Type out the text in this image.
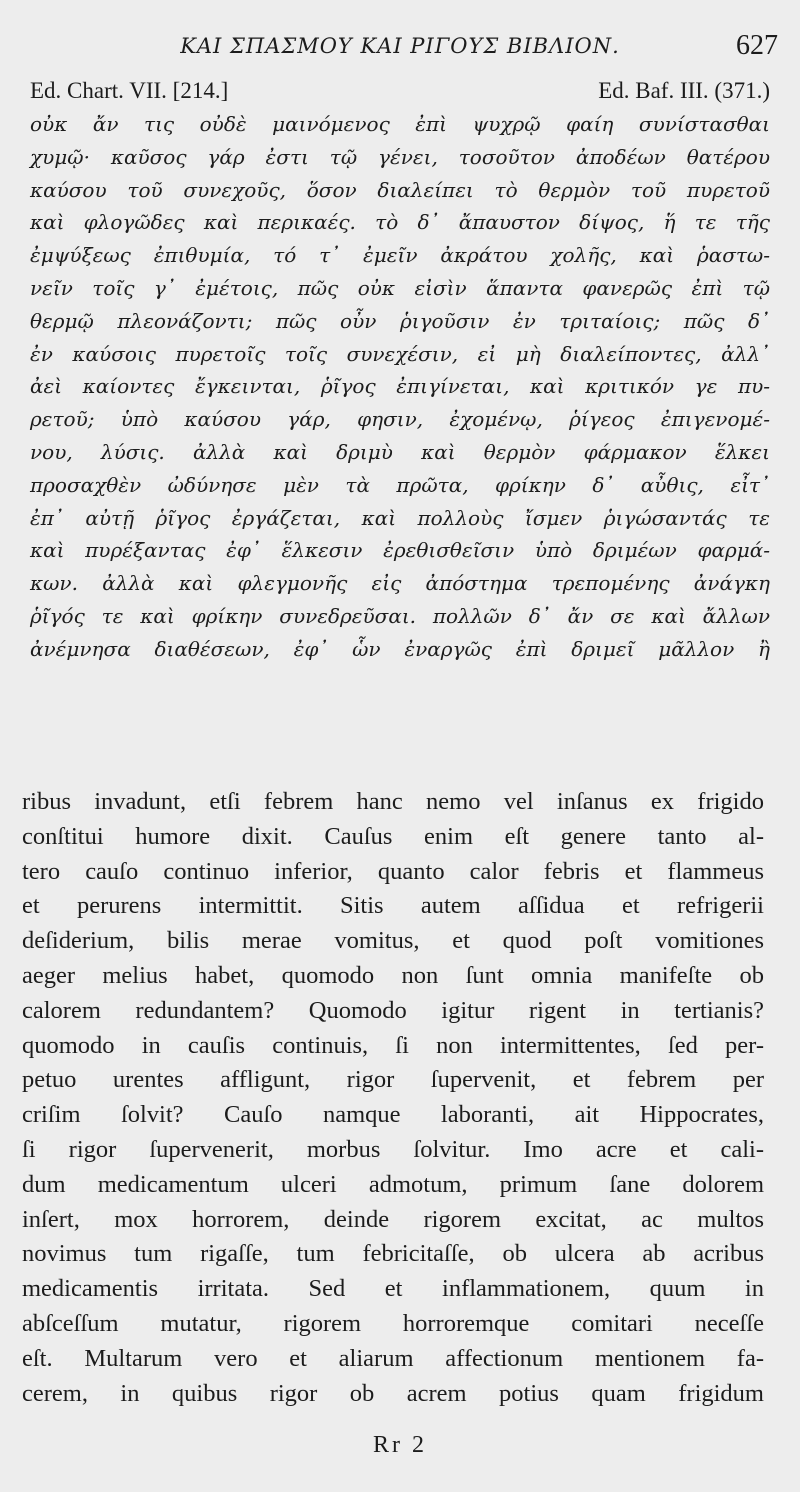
ΚΑΙ ΣΠΑΣΜΟΥ ΚΑΙ ΡΙΓΟΥΣ ΒΙΒΛΙΟΝ.	627
Ed. Chart. VII. [214.]	Ed. Baf. III. (371.)
οὐκ ἄν τις οὐδὲ μαινόμενος ἐπὶ ψυχρῷ φαίη συνίστασθαι
χυμῷ· καῦσος γάρ ἐστι τῷ γένει, τοσοῦτον ἀποδέων θατέρου
καύσου τοῦ συνεχοῦς, ὅσον διαλείπει τὸ θερμὸν τοῦ πυρετοῦ
καὶ φλογῶδες καὶ περικαές. τὸ δ᾽ ἄπαυστον δίψος, ἥ τε τῆς
ἐμψύξεως ἐπιθυμία, τό τ᾽ ἐμεῖν ἀκράτου χολῆς, καὶ ῥαστω-
νεῖν τοῖς γ᾽ ἐμέτοις, πῶς οὐκ εἰσὶν ἅπαντα φανερῶς ἐπὶ τῷ
θερμῷ πλεονάζοντι; πῶς οὖν ῥιγοῦσιν ἐν τριταίοις; πῶς δ᾽
ἐν καύσοις πυρετοῖς τοῖς συνεχέσιν, εἰ μὴ διαλείποντες, ἀλλ᾽
ἀεὶ καίοντες ἔγκεινται, ῥῖγος ἐπιγίνεται, καὶ κριτικόν γε πυ-
ρετοῦ; ὑπὸ καύσου γάρ, φησιν, ἐχομένῳ, ῥίγεος ἐπιγενομέ-
νου, λύσις. ἀλλὰ καὶ δριμὺ καὶ θερμὸν φάρμακον ἕλκει
προσαχθὲν ὠδύνησε μὲν τὰ πρῶτα, φρίκην δ᾽ αὖθις, εἶτ᾽
ἐπ᾽ αὐτῇ ῥῖγος ἐργάζεται, καὶ πολλοὺς ἴσμεν ῥιγώσαντάς τε
καὶ πυρέξαντας ἐφ᾽ ἕλκεσιν ἐρεθισθεῖσιν ὑπὸ δριμέων φαρμά-
κων. ἀλλὰ καὶ φλεγμονῆς εἰς ἀπόστημα τρεπομένης ἀνάγκη
ῥῖγός τε καὶ φρίκην συνεδρεῦσαι. πολλῶν δ᾽ ἄν σε καὶ ἄλλων
ἀνέμνησα διαθέσεων, ἐφ᾽ ὧν ἐναργῶς ἐπὶ δριμεῖ μᾶλλον ἢ
ribus invadunt, etſi febrem hanc nemo vel inſanus ex frigido
conſtitui humore dixit. Cauſus enim eſt genere tanto al-
tero cauſo continuo inferior, quanto calor febris et flammeus
et perurens intermittit. Sitis autem aſſidua et refrigerii
deſiderium, bilis merae vomitus, et quod poſt vomitiones
aeger melius habet, quomodo non ſunt omnia manifeſte ob
calorem redundantem? Quomodo igitur rigent in tertianis?
quomodo in cauſis continuis, ſi non intermittentes, ſed per-
petuo urentes affligunt, rigor ſupervenit, et febrem per
criſim ſolvit? Cauſo namque laboranti, ait Hippocrates,
ſi rigor ſupervenerit, morbus ſolvitur. Imo acre et cali-
dum medicamentum ulceri admotum, primum ſane dolorem
inſert, mox horrorem, deinde rigorem excitat, ac multos
novimus tum rigaſſe, tum febricitaſſe, ob ulcera ab acribus
medicamentis irritata. Sed et inflammationem, quum in
abſceſſum mutatur, rigorem horroremque comitari neceſſe
eſt. Multarum vero et aliarum affectionum mentionem fa-
cerem, in quibus rigor ob acrem potius quam frigidum
Rr 2
